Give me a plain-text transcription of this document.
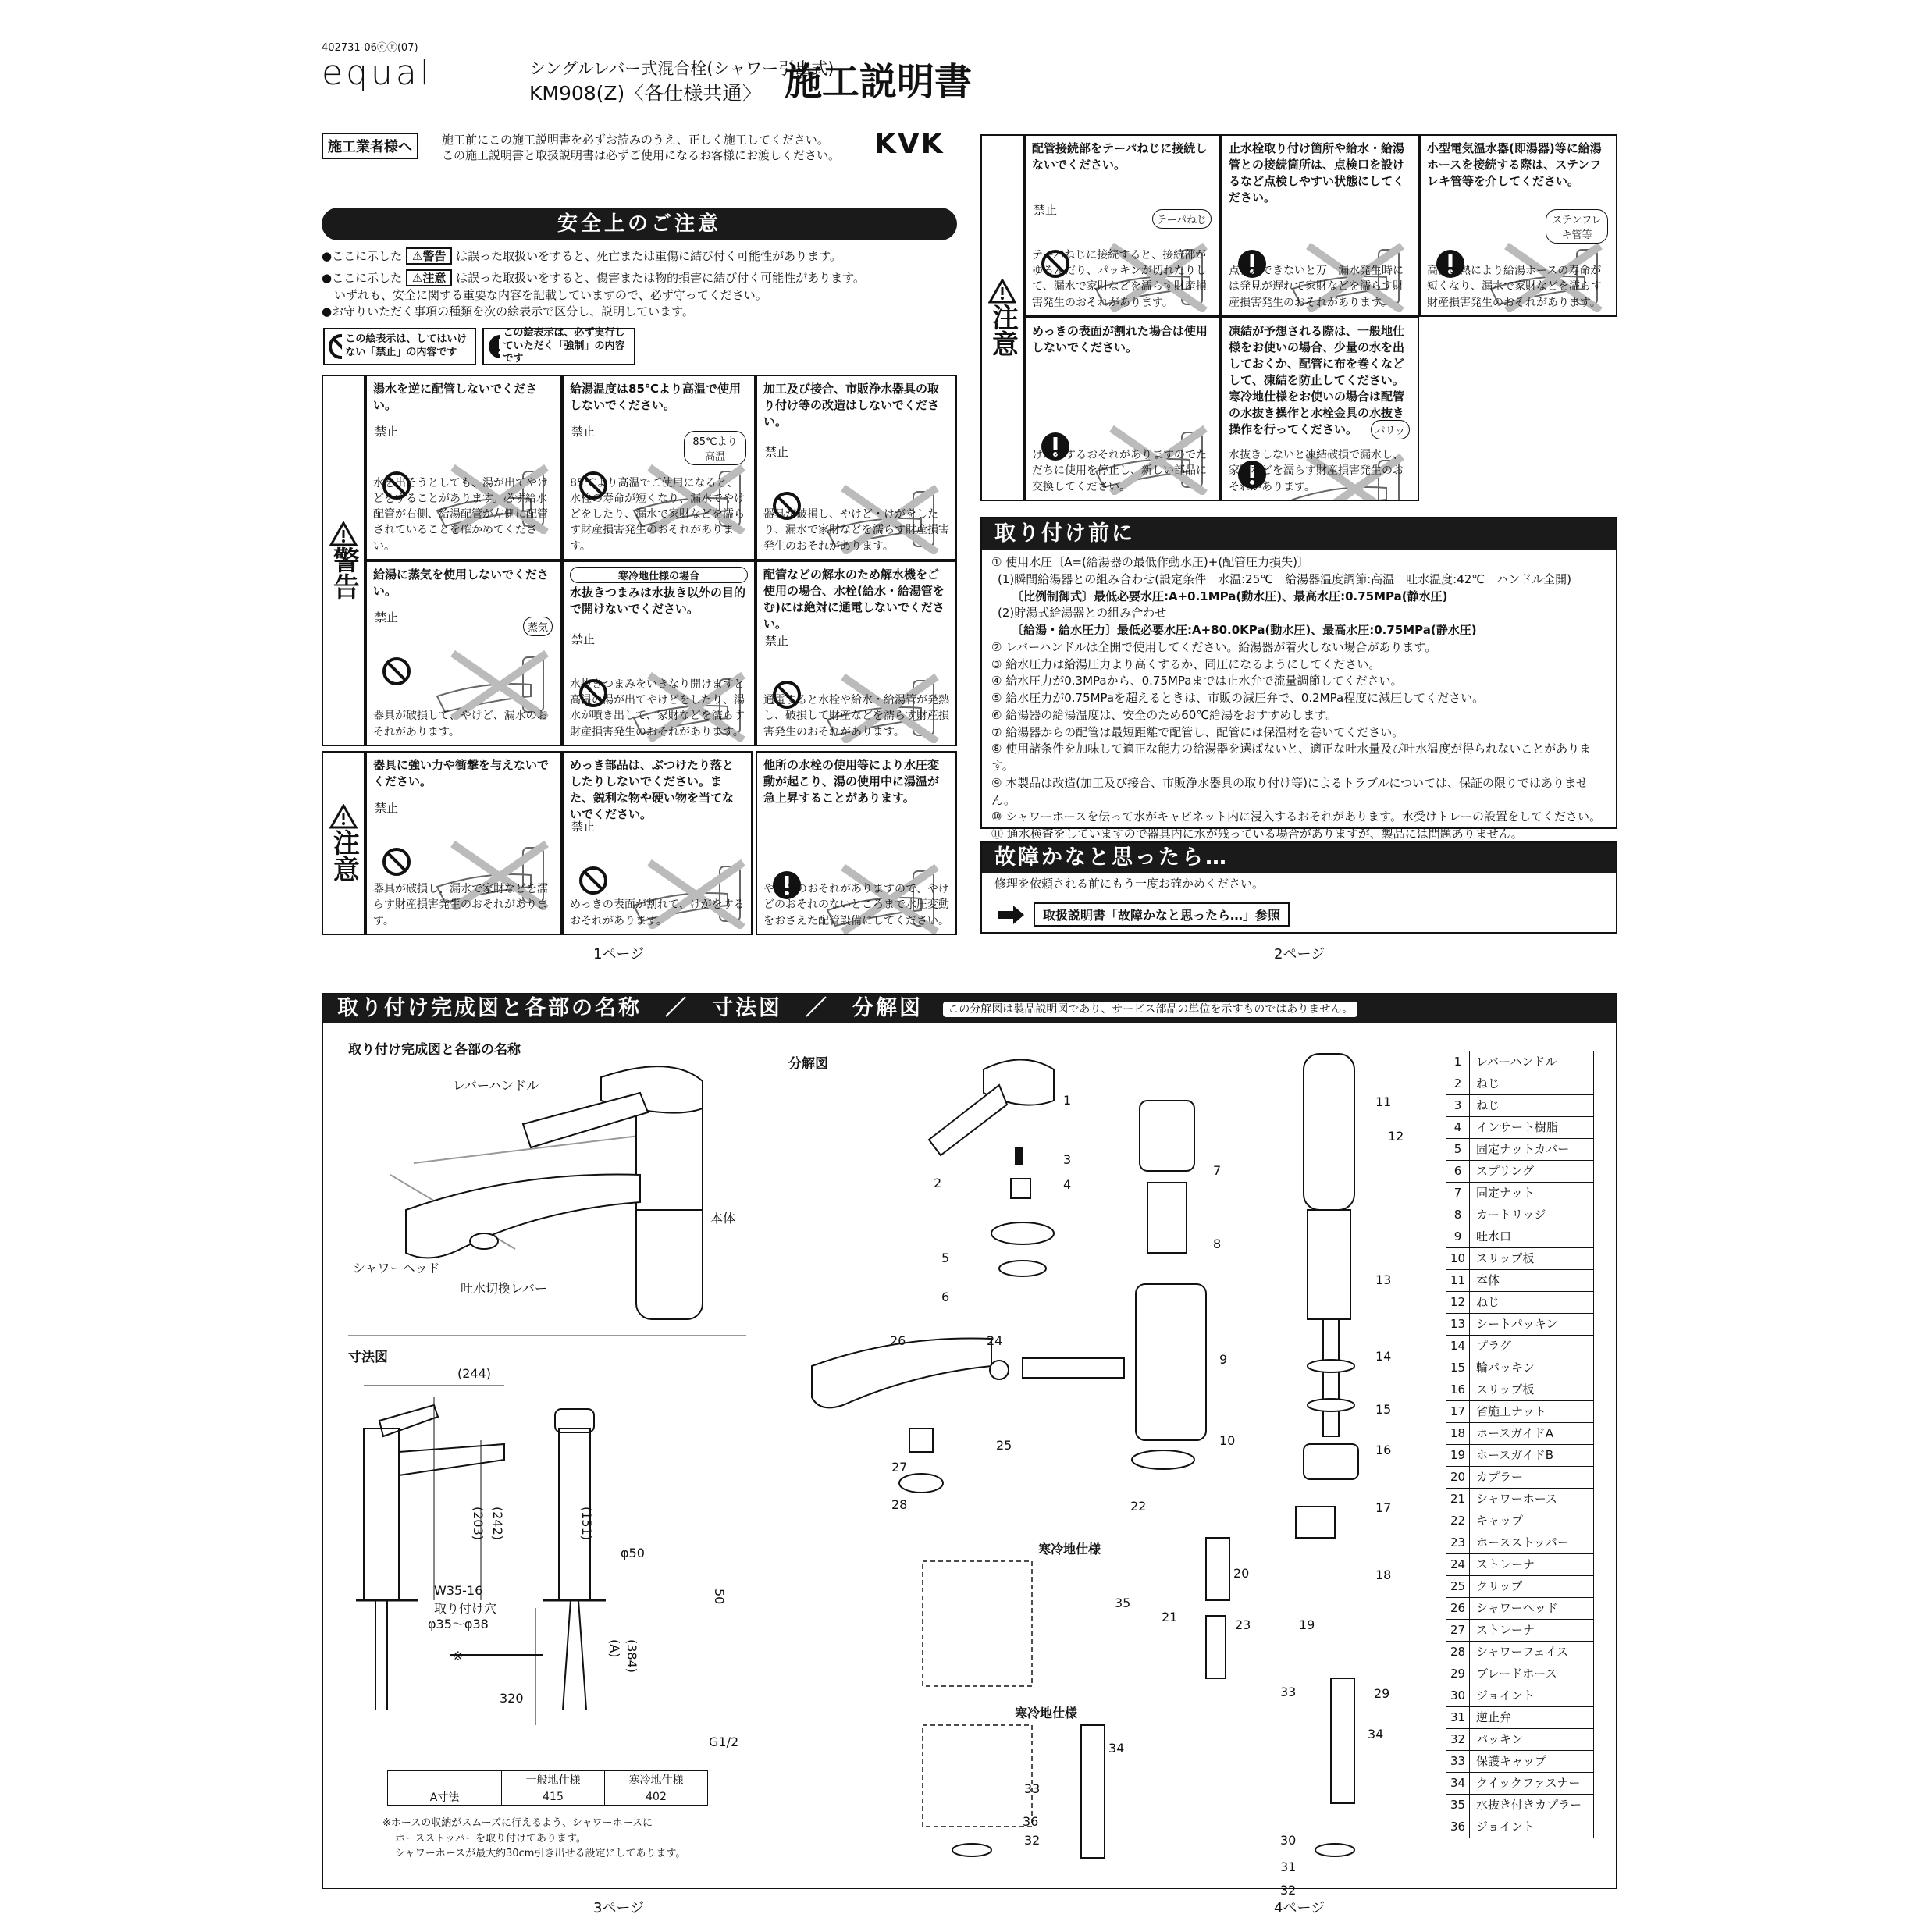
402731-06ⓒⓡ(07)
equal	シングルレバー式混合栓(シャワー引出式)
KM908(Z)〈各仕様共通〉 施工説明書
施工業者様へ	施工前にこの施工説明書を必ずお読みのうえ、正しく施工してください。
この施工説明書と取扱説明書は必ずご使用になるお客様にお渡しください。 KVK
安全上のご注意
●ここに示した ⚠警告 は誤った取扱いをすると、死亡または重傷に結び付く可能性があります。
●ここに示した ⚠注意 は誤った取扱いをすると、傷害または物的損害に結び付く可能性があります。
いずれも、安全に関する重要な内容を記載していますので、必ず守ってください。
●お守りいただく事項の種類を次の絵表示で区分し、説明しています。
この絵表示は、してはいけない「禁止」の内容です
この絵表示は、必ず実行していただく「強制」の内容です
警告
湯水を逆に配管しないでください。
禁止
水を出そうとしても、湯が出てやけどをすることがあります。必ず給水配管が右側、給湯配管が左側に配管されていることを確かめてください。
給湯温度は85℃より高温で使用しないでください。
禁止
85℃より高温
85℃より高温でご使用になると、水栓の寿命が短くなり、漏水でやけどをしたり、漏水で家財などを濡らす財産損害発生のおそれがあります。
加工及び接合、市販浄水器具の取り付け等の改造はしないでください。
禁止
器具が破損し、やけど・けがをしたり、漏水で家財などを濡らす財産損害発生のおそれがあります。
給湯に蒸気を使用しないでください。
禁止
蒸気
器具が破損して、やけど、漏水のおそれがあります。
寒冷地仕様の場合
水抜きつまみは水抜き以外の目的で開けないでください。
禁止
水抜きつまみをいきなり開けますと高温の湯が出てやけどをしたり、湯水が噴き出して、家財などを濡らす財産損害発生のおそれがあります。
配管などの解水のため解水機をご使用の場合、水栓(給水・給湯管をむ)には絶対に通電しないでください。
禁止
通電すると水栓や給水・給湯管が発熱し、破損して財産などを濡らす財産損害発生のおそれがあります。
注意
器具に強い力や衝撃を与えないでください。
禁止
器具が破損し、漏水で家財などを濡らす財産損害発生のおそれがあります。
めっき部品は、ぶつけたり落としたりしないでください。また、鋭利な物や硬い物を当てないでください。
禁止
めっきの表面が割れて、けがをするおそれがあります。
他所の水栓の使用等により水圧変動が起こり、湯の使用中に湯温が急上昇することがあります。
やけどのおそれがありますので、やけどのおそれのないところまで水圧変動をおさえた配管設備にしてください。
1ページ
注意
配管接続部をテーパねじに接続しないでください。
禁止
テーパねじ
テーパねじに接続すると、接続部がゆるんだり、パッキンが切れたりして、漏水で家財などを濡らす財産損害発生のおそれがあります。
止水栓取り付け箇所や給水・給湯管との接続箇所は、点検口を設けるなど点検しやすい状態にしてください。
点検ができないと万一漏水発生時には発見が遅れて家財などを濡らす財産損害発生のおそれがあります。
小型電気温水器(即湯器)等に給湯ホースを接続する際は、ステンフレキ管等を介してください。
ステンフレキ管等
高温の熱により給湯ホースの寿命が短くなり、漏水で家財などを濡らす財産損害発生のおそれがあります。
めっきの表面が割れた場合は使用しないでください。
けがをするおそれがありますのでただちに使用を停止し、新しい部品に交換してください。
凍結が予想される際は、一般地仕様をお使いの場合、少量の水を出しておくか、配管に布を巻くなどして、凍結を防止してください。寒冷地仕様をお使いの場合は配管の水抜き操作と水栓金具の水抜き操作を行ってください。	パリッ
水抜きしないと凍結破損で漏水し、家財などを濡らす財産損害発生のおそれがあります。
取り付け前に

① 使用水圧〔A=(給湯器の最低作動水圧)+(配管圧力損失)〕

(1)瞬間給湯器との組み合わせ(設定条件　水温:25℃　給湯器温度調節:高温　吐水温度:42℃　ハンドル全開)

〔比例制御式〕最低必要水圧:A+0.1MPa(動水圧)、最高水圧:0.75MPa(静水圧)

(2)貯湯式給湯器との組み合わせ

〔給湯・給水圧力〕最低必要水圧:A+80.0KPa(動水圧)、最高水圧:0.75MPa(静水圧)

② レバーハンドルは全開で使用してください。給湯器が着火しない場合があります。

③ 給水圧力は給湯圧力より高くするか、同圧になるようにしてください。

④ 給水圧力が0.3MPaから、0.75MPaまでは止水弁で流量調節してください。

⑤ 給水圧力が0.75MPaを超えるときは、市販の減圧弁で、0.2MPa程度に減圧してください。

⑥ 給湯器の給湯温度は、安全のため60℃給湯をおすすめします。

⑦ 給湯器からの配管は最短距離で配管し、配管には保温材を巻いてください。

⑧ 使用諸条件を加味して適正な能力の給湯器を選ばないと、適正な吐水量及び吐水温度が得られないことがあります。

⑨ 本製品は改造(加工及び接合、市販浄水器具の取り付け等)によるトラブルについては、保証の限りではありません。

⑩ シャワーホースを伝って水がキャビネット内に浸入するおそれがあります。水受けトレーの設置をしてください。

⑪ 通水検査をしていますので器具内に水が残っている場合がありますが、製品には問題ありません。

故障かなと思ったら…
修理を依頼される前にもう一度お確かめください。
取扱説明書「故障かなと思ったら…」参照
2ページ
取り付け完成図と各部の名称　／　寸法図　／　分解図 この分解図は製品説明図であり、サービス部品の単位を示すものではありません。
取り付け完成図と各部の名称
レバーハンドル
本体
シャワーヘッド
吐水切換レバー
寸法図
(244)
(203) (242)	(151)
φ50
50
W35-16
取り付け穴
φ35～φ38
320
(A) (384)
G1/2
※
	一般地仕様	寒冷地仕様
A寸法	415	402
※ホースの収納がスムーズに行えるよう、シャワーホースに
ホースストッパーを取り付けてあります。
シャワーホースが最大約30cm引き出せる設定にしてあります。
分解図
寒冷地仕様
寒冷地仕様
1
2
3
4
5
6
7
8
9
10
11
12
13
14
15
16
17
18
19
20
21
22
23
24
25
26
27
28
29
30
31
32
33
34
35
36
33
34
32
1	レバーハンドル
2	ねじ
3	ねじ
4	インサート樹脂
5	固定ナットカバー
6	スプリング
7	固定ナット
8	カートリッジ
9	吐水口
10 スリップ板
11 本体
12 ねじ
13 シートパッキン
14 プラグ
15 輪パッキン
16 スリップ板
17 省施工ナット
18 ホースガイドA
19 ホースガイドB
20 カプラー
21 シャワーホース
22 キャップ
23 ホースストッパー
24 ストレーナ
25 クリップ
26 シャワーヘッド
27 ストレーナ
28 シャワーフェイス
29 ブレードホース
30 ジョイント
31 逆止弁
32 パッキン
33 保護キャップ
34 クイックファスナー
35 水抜き付きカプラー
36 ジョイント
3ページ	4ページ
